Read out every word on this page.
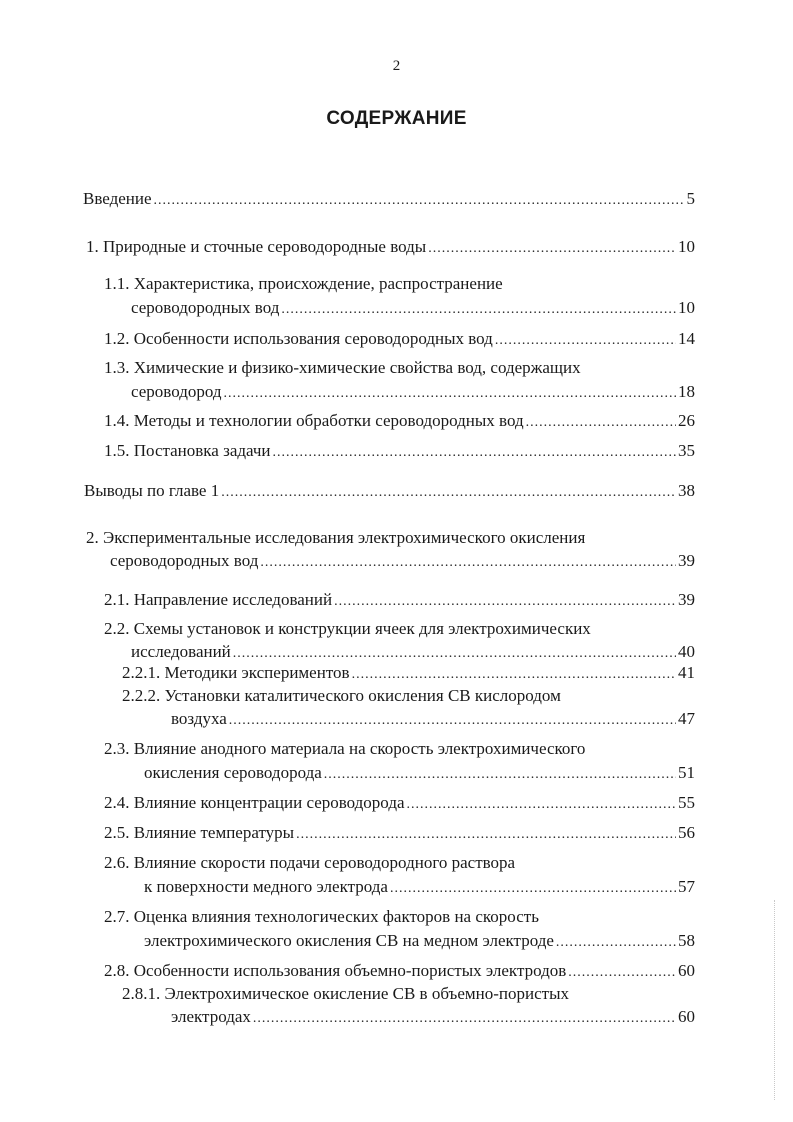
2
СОДЕРЖАНИЕ
Введение .....	5
1. Природные и сточные сероводородные воды .....	10
1.1. Характеристика, происхождение, распространение
сероводородных вод .....	10
1.2. Особенности использования сероводородных вод .....	14
1.3. Химические и физико-химические свойства вод, содержащих
сероводород .....	18
1.4. Методы и технологии обработки сероводородных вод .....	26
1.5. Постановка задачи .....	35
Выводы по главе 1 .....	38
2. Экспериментальные исследования электрохимического окисления
сероводородных вод .....	39
2.1. Направление исследований .....	39
2.2. Схемы установок и конструкции ячеек для электрохимических
исследований .....	40
2.2.1. Методики экспериментов .....	41
2.2.2. Установки каталитического окисления СВ кислородом
воздуха .....	47
2.3. Влияние анодного материала на скорость электрохимического
окисления сероводорода .....	51
2.4. Влияние концентрации сероводорода .....	55
2.5. Влияние температуры .....	56
2.6. Влияние скорости подачи сероводородного раствора
к поверхности медного электрода .....	57
2.7. Оценка влияния технологических факторов на скорость
электрохимического окисления СВ на медном электроде .....	58
2.8. Особенности использования объемно-пористых электродов .....	60
2.8.1. Электрохимическое окисление СВ в объемно-пористых
электродах .....	60
